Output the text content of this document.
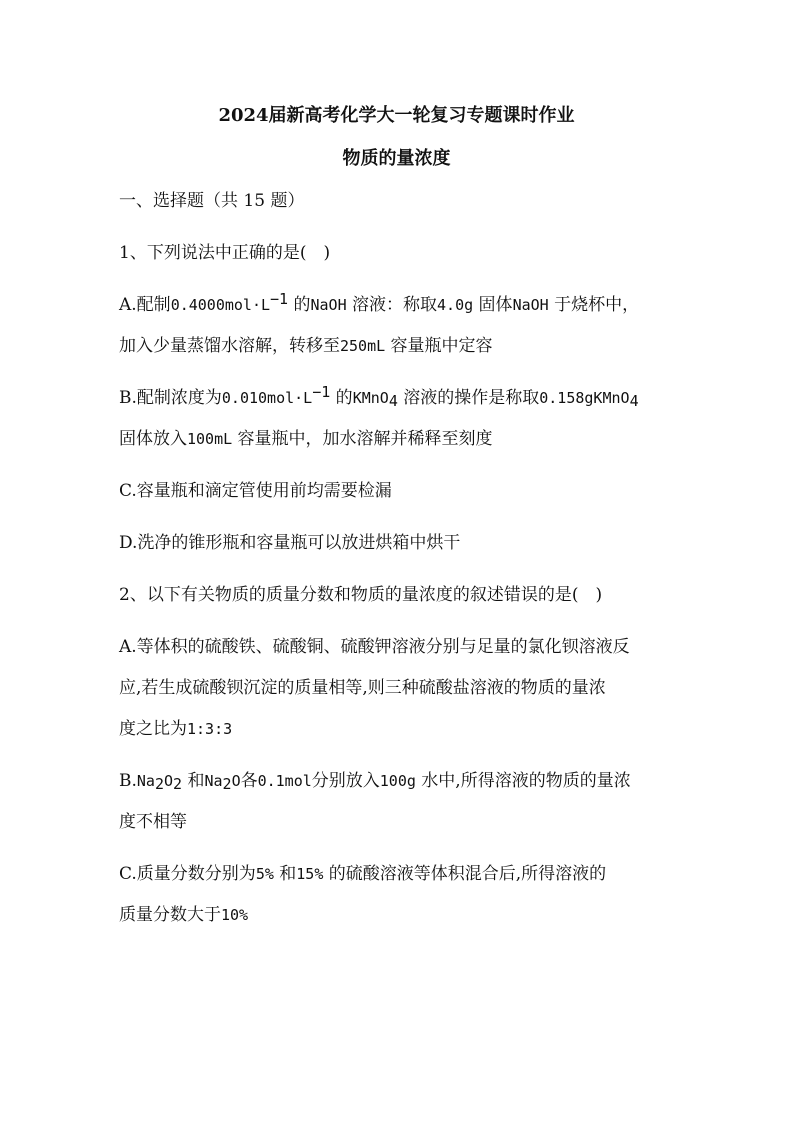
2024届新高考化学大一轮复习专题课时作业

物质的量浓度

一、选择题（共 15 题）

1、下列说法中正确的是(　)

A.配制$0.4000mol\cdot L^{-1}$ 的NaOH 溶液：称取4.0g 固体NaOH 于烧杯中，

加入少量蒸馏水溶解，转移至250mL 容量瓶中定容

B.配制浓度为$0.010mol\cdot L^{-1}$ 的KMnO$_4$ 溶液的操作是称取0.158gKMnO$_4$

固体放入100mL 容量瓶中，加水溶解并稀释至刻度

C.容量瓶和滴定管使用前均需要检漏

D.洗净的锥形瓶和容量瓶可以放进烘箱中烘干

2、以下有关物质的质量分数和物质的量浓度的叙述错误的是(　)

A.等体积的硫酸铁、硫酸铜、硫酸钾溶液分别与足量的氯化钡溶液反

应,若生成硫酸钡沉淀的质量相等,则三种硫酸盐溶液的物质的量浓

度之比为1:3:3

$B.Na_2O_2$ 和$Na_2O$各0.1mol分别放入100g 水中,所得溶液的物质的量浓

度不相等

C.质量分数分别为5% 和15% 的硫酸溶液等体积混合后,所得溶液的

质量分数大于10%
